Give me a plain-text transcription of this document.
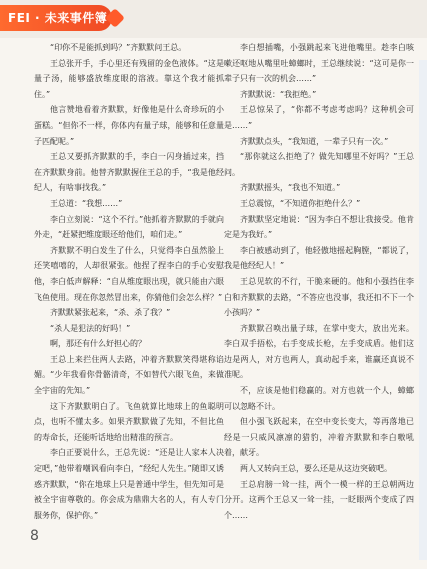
FEI · 未来事件簿

“印你不是能抓到吗？”齐默默问王总。

王总张开手，手心里还有残留的金色液体。“这是量子汤，能够盛放维度眼的溶液。靠这个我才能抓住。”

他言赞地看着齐默默，好像他是什么奇珍玩的小蛋糕。“但你不一样，你体内有量子球，能够和任意量子匹配呢。”

王总又要抓齐默默的手，李白一闪身插过来，挡在齐默默身前。他替齐默默握住王总的手，“我是他经纪人，有啥事找我。”

王总道：“我想……”

李白立刻说：“这个不行。”他抓着齐默默的手就向外走，“赶紧把维度眼还给他们，咱们走。”

齐默默不明白发生了什么，只觉得李白虽然脸上还笑嘻嘻的，人却很紧张。他捏了捏李白的手心安慰他，李白低声解释：“自从维度眼出现，就只能由六眼飞鱼使用。现在你忽然冒出来，你猜他们会怎么样？”

齐默默紧张起来，“杀、杀了我？”

“杀人是犯法的好吗！”

啊，那还有什么好担心的？

王总上来拦住两人去路，冲着齐默默笑得堪称谄媚。“少年我看你骨骼清奇，不如替代六眼飞鱼，来做全宇宙的先知。”

这下齐默默明白了。飞鱼就算比地球上的鱼聪明点，也听不懂太多。如果齐默默做了先知，不但比鱼的寿命长，还能听话地给出精准的预言。

李白正要说什么，王总先说：“还是让人家本人决定吧，”他带着嘲讽看向李白，“经纪人先生。”随即又诱惑齐默默，“你在地球上只是普通中学生，但先知可是被全宇宙尊敬的。你会成为鼎鼎大名的人，有人专门服务你，保护你。”

李白想插嘴，小强跳起来飞进他嘴里。趁李白咳嗽还呕地从嘴里吐蟑螂时，王总继续说：“这可是你一辈子只有一次的机会……”

齐默默说：“我拒绝。”

王总惊呆了，“你都不考虑考虑吗？这种机会可是……”

齐默默点头，“我知道，一辈子只有一次。”

“那你就这么拒绝了？做先知哪里不好吗？”王总问。

齐默默摇头，“我也不知道。”

王总震惊，“不知道你拒绝什么？”

齐默默坚定地说：“因为李白不想让我接受。他肯定是为我好。”

李白被感动到了，他轻傲地摇起胸膛，“都说了，我是他经纪人！”

王总见软的不行，干脆来硬的。他和小强挡住李白和齐默默的去路，“不答应也没事，我还扣不下一个小孩吗？”

齐默默召唤出量子球，在掌中变大，放出光来。李白双手捂松，右手变成长枪，左手变成盾。他们这边是两人，对方也两人，真动起手来，谁赢还真说不准呢。

不，应该是他们稳赢的。对方也就一个人，蟑螂可以忽略不计。

但小强飞跃起来，在空中变长变大，等再落地已经是一只威风凛凛的猎豹，冲着齐默默和李白嗷吼着，献牙。

两人又转向王总，要么还是从这边突破吧。

王总肩膀一耸一挂，两个一模一样的王总朝两边分开。这两个王总又一耸一挂，一眨眼两个变成了四个……

8
